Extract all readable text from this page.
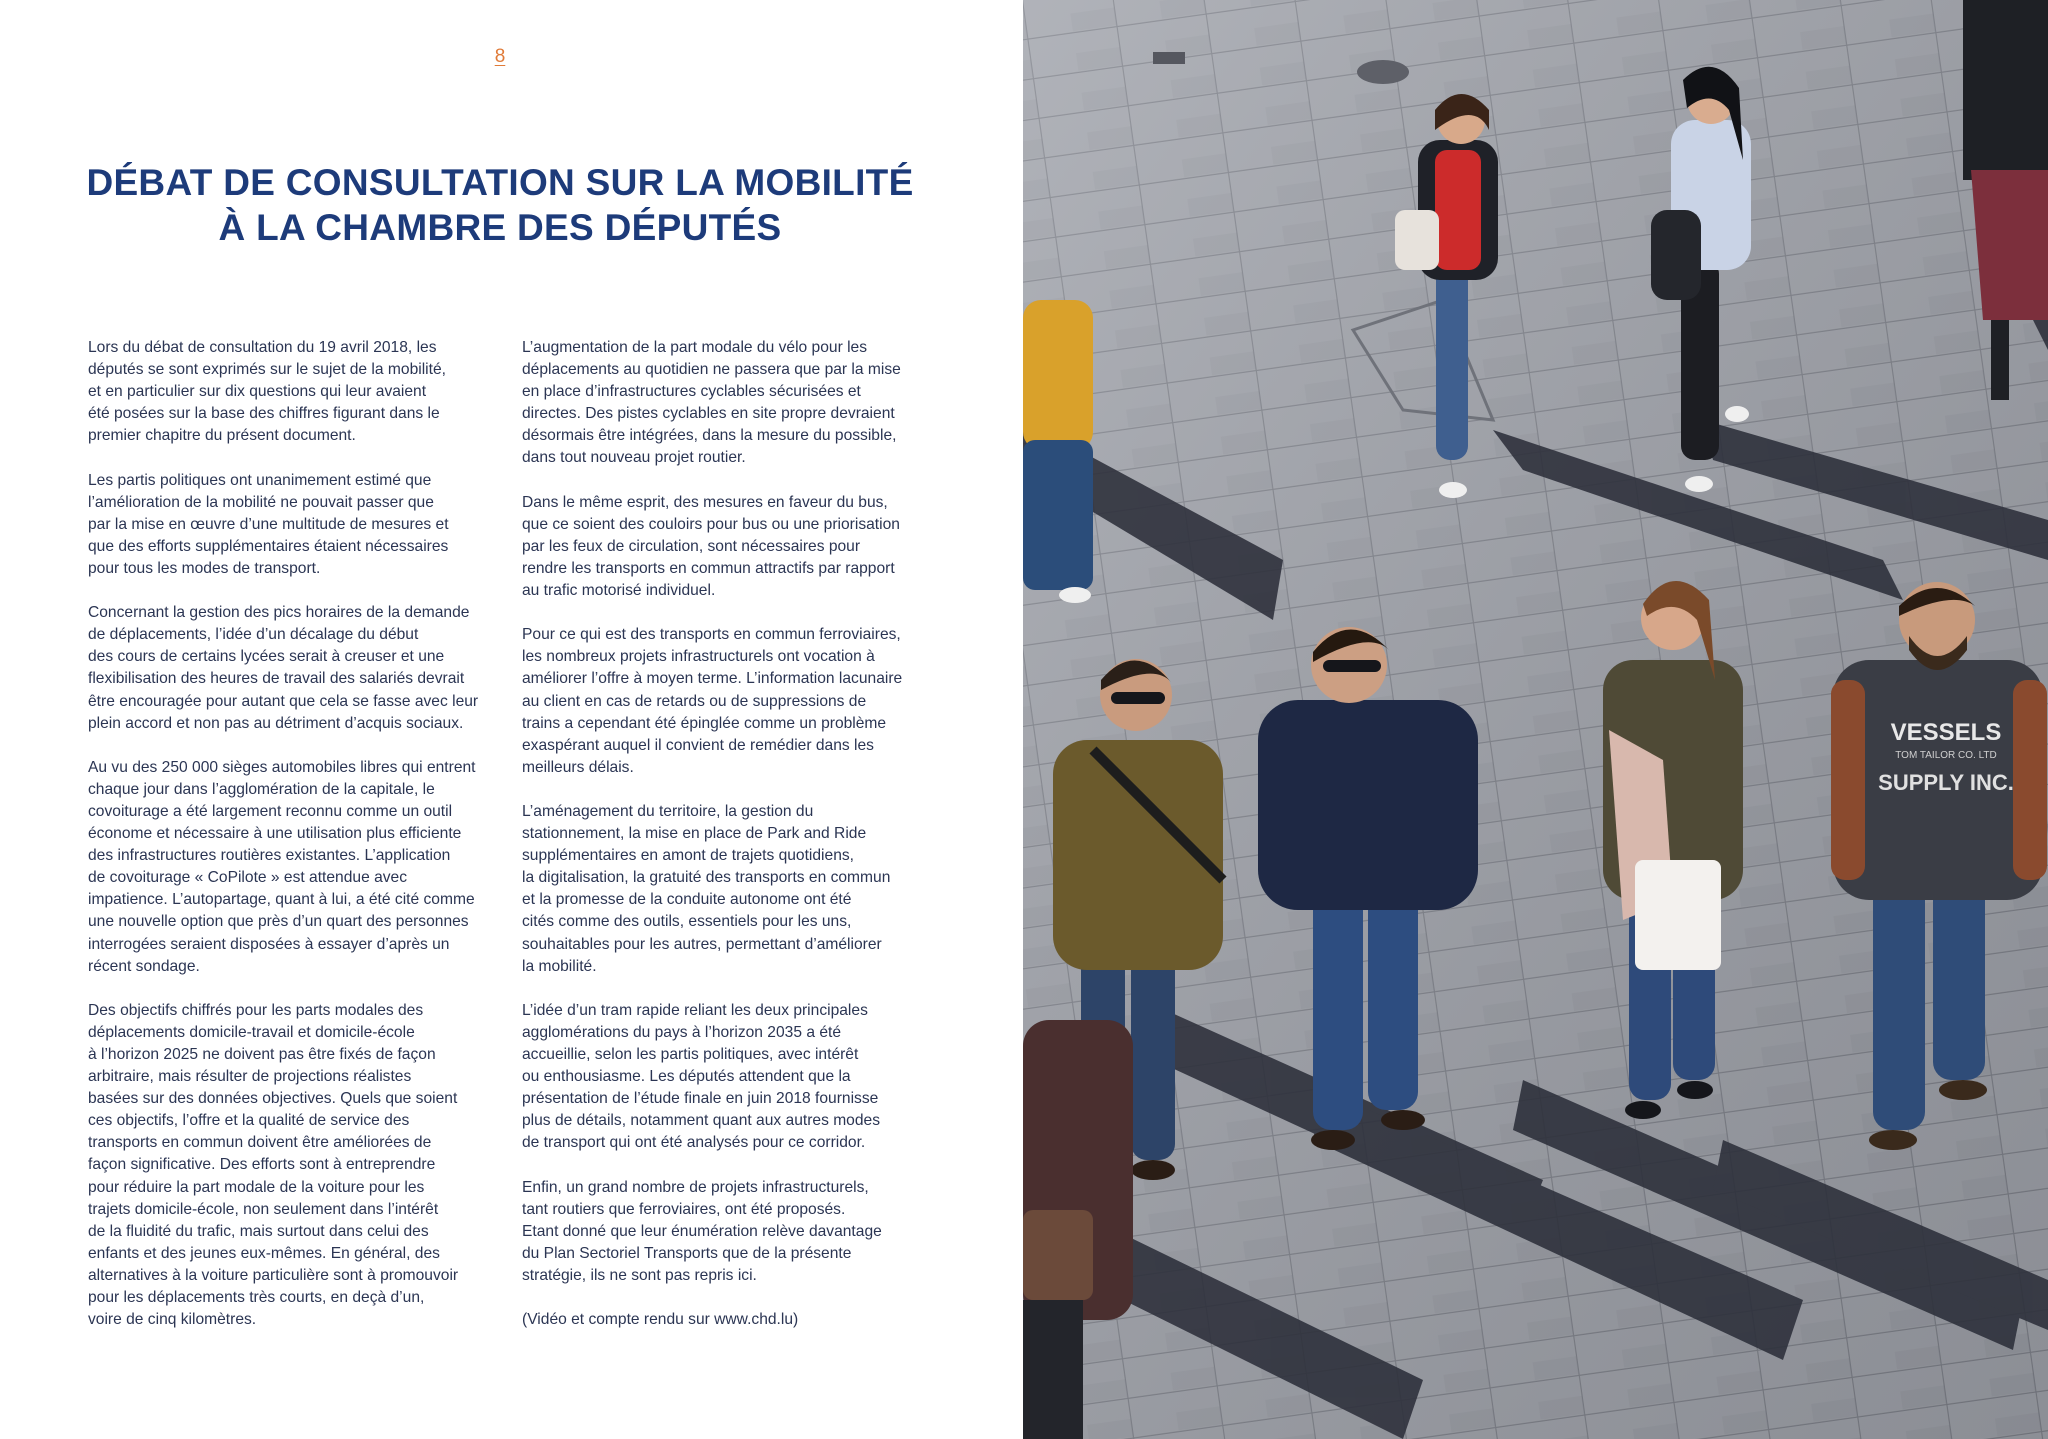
8
DÉBAT DE CONSULTATION SUR LA MOBILITÉ
À LA CHAMBRE DES DÉPUTÉS

Lors du débat de consultation du 19 avril 2018, les
députés se sont exprimés sur le sujet de la mobilité,
et en particulier sur dix questions qui leur avaient
été posées sur la base des chiffres figurant dans le
premier chapitre du présent document.

Les partis politiques ont unanimement estimé que
l’amélioration de la mobilité ne pouvait passer que
par la mise en œuvre d’une multitude de mesures et
que des efforts supplémentaires étaient nécessaires
pour tous les modes de transport.

Concernant la gestion des pics horaires de la demande
de déplacements, l’idée d’un décalage du début
des cours de certains lycées serait à creuser et une
flexibilisation des heures de travail des salariés devrait
être encouragée pour autant que cela se fasse avec leur
plein accord et non pas au détriment d’acquis sociaux.

Au vu des 250 000 sièges automobiles libres qui entrent
chaque jour dans l’agglomération de la capitale, le
covoiturage a été largement reconnu comme un outil
économe et nécessaire à une utilisation plus efficiente
des infrastructures routières existantes. L’application
de covoiturage « CoPilote » est attendue avec
impatience. L’autopartage, quant à lui, a été cité comme
une nouvelle option que près d’un quart des personnes
interrogées seraient disposées à essayer d’après un
récent sondage.

Des objectifs chiffrés pour les parts modales des
déplacements domicile-travail et domicile-école
à l’horizon 2025 ne doivent pas être fixés de façon
arbitraire, mais résulter de projections réalistes
basées sur des données objectives. Quels que soient
ces objectifs, l’offre et la qualité de service des
transports en commun doivent être améliorées de
façon significative. Des efforts sont à entreprendre
pour réduire la part modale de la voiture pour les
trajets domicile-école, non seulement dans l’intérêt
de la fluidité du trafic, mais surtout dans celui des
enfants et des jeunes eux-mêmes. En général, des
alternatives à la voiture particulière sont à promouvoir
pour les déplacements très courts, en deçà d’un,
voire de cinq kilomètres.

L’augmentation de la part modale du vélo pour les
déplacements au quotidien ne passera que par la mise
en place d’infrastructures cyclables sécurisées et
directes. Des pistes cyclables en site propre devraient
désormais être intégrées, dans la mesure du possible,
dans tout nouveau projet routier.

Dans le même esprit, des mesures en faveur du bus,
que ce soient des couloirs pour bus ou une priorisation
par les feux de circulation, sont nécessaires pour
rendre les transports en commun attractifs par rapport
au trafic motorisé individuel.

Pour ce qui est des transports en commun ferroviaires,
les nombreux projets infrastructurels ont vocation à
améliorer l’offre à moyen terme. L’information lacunaire
au client en cas de retards ou de suppressions de
trains a cependant été épinglée comme un problème
exaspérant auquel il convient de remédier dans les
meilleurs délais.

L’aménagement du territoire, la gestion du
stationnement, la mise en place de Park and Ride
supplémentaires en amont de trajets quotidiens,
la digitalisation, la gratuité des transports en commun
et la promesse de la conduite autonome ont été
cités comme des outils, essentiels pour les uns,
souhaitables pour les autres, permettant d’améliorer
la mobilité.

L’idée d’un tram rapide reliant les deux principales
agglomérations du pays à l’horizon 2035 a été
accueillie, selon les partis politiques, avec intérêt
ou enthousiasme. Les députés attendent que la
présentation de l’étude finale en juin 2018 fournisse
plus de détails, notamment quant aux autres modes
de transport qui ont été analysés pour ce corridor.

Enfin, un grand nombre de projets infrastructurels,
tant routiers que ferroviaires, ont été proposés.
Etant donné que leur énumération relève davantage
du Plan Sectoriel Transports que de la présente
stratégie, ils ne sont pas repris ici.

(Vidéo et compte rendu sur www.chd.lu)

VESSELS
TOM TAILOR CO. LTD
SUPPLY INC.
